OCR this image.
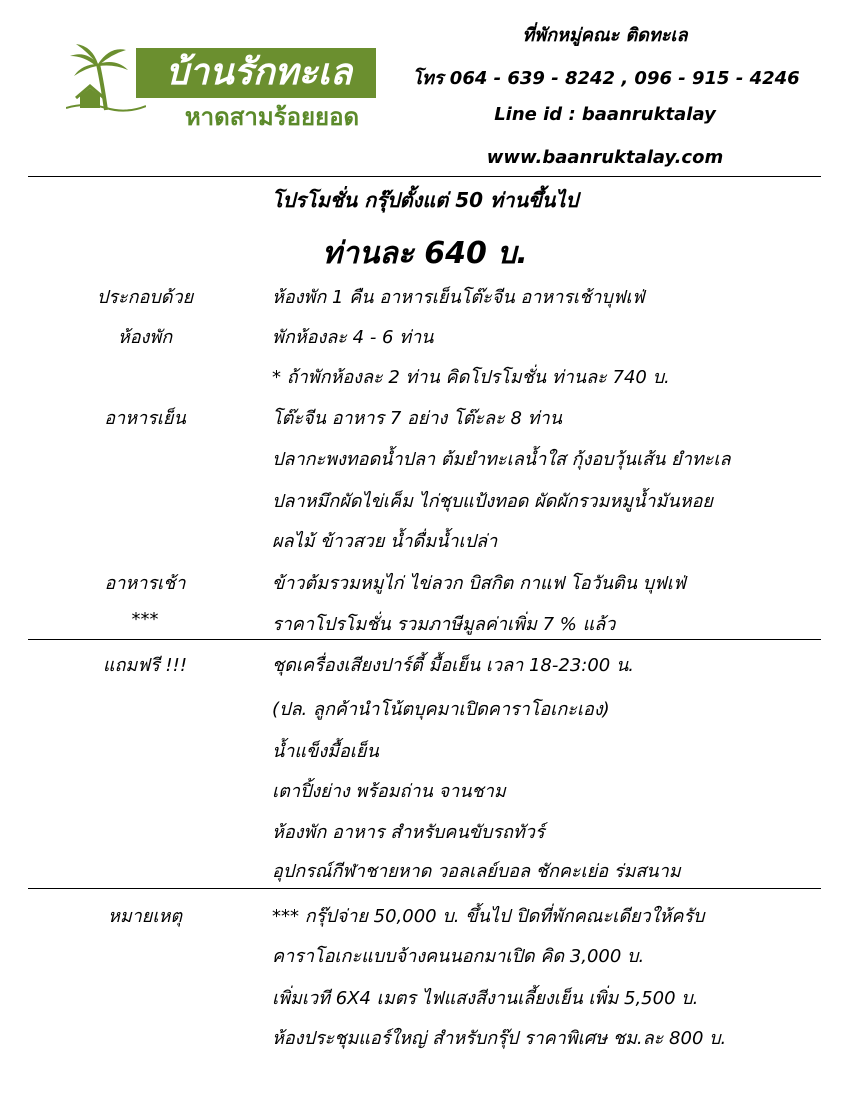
บ้านรักทะเล
หาดสามร้อยยอด
ที่พักหมู่คณะ ติดทะเล
โทร 064 - 639 - 8242 , 096 - 915 - 4246
Line id : baanruktalay
www.baanruktalay.com
โปรโมชั่น กรุ๊ปตั้งแต่ 50 ท่านขึ้นไป
ท่านละ 640 บ.
ประกอบด้วย	ห้องพัก 1 คืน อาหารเย็นโต๊ะจีน อาหารเช้าบุฟเฟ่
ห้องพัก	พักห้องละ 4 - 6 ท่าน
* ถ้าพักห้องละ 2 ท่าน คิดโปรโมชั่น ท่านละ 740 บ.
อาหารเย็น	โต๊ะจีน อาหาร 7 อย่าง โต๊ะละ 8 ท่าน
ปลากะพงทอดน้ำปลา ต้มยำทะเลน้ำใส กุ้งอบวุ้นเส้น ยำทะเล
ปลาหมึกผัดไข่เค็ม ไก่ชุบแป้งทอด ผัดผักรวมหมูน้ำมันหอย
ผลไม้ ข้าวสวย น้ำดื่มน้ำเปล่า
อาหารเช้า	ข้าวต้มรวมหมูไก่ ไข่ลวก บิสกิต กาแฟ โอวันติน บุฟเฟ่
***	ราคาโปรโมชั่น รวมภาษีมูลค่าเพิ่ม 7 % แล้ว
แถมฟรี !!!	ชุดเครื่องเสียงปาร์ตี้ มื้อเย็น เวลา 18-23:00 น.
(ปล. ลูกค้านำโน้ตบุคมาเปิดคาราโอเกะเอง)
น้ำแข็งมื้อเย็น
เตาปิ้งย่าง พร้อมถ่าน จานชาม
ห้องพัก อาหาร สำหรับคนขับรถทัวร์
อุปกรณ์กีฬาชายหาด วอลเลย์บอล ชักคะเย่อ ร่มสนาม
หมายเหตุ	*** กรุ๊ปจ่าย 50,000 บ. ขึ้นไป ปิดที่พักคณะเดียวให้ครับ
คาราโอเกะแบบจ้างคนนอกมาเปิด คิด 3,000 บ.
เพิ่มเวที 6X4 เมตร ไฟแสงสีงานเลี้ยงเย็น เพิ่ม 5,500 บ.
ห้องประชุมแอร์ใหญ่ สำหรับกรุ๊ป ราคาพิเศษ ชม.ละ 800 บ.
